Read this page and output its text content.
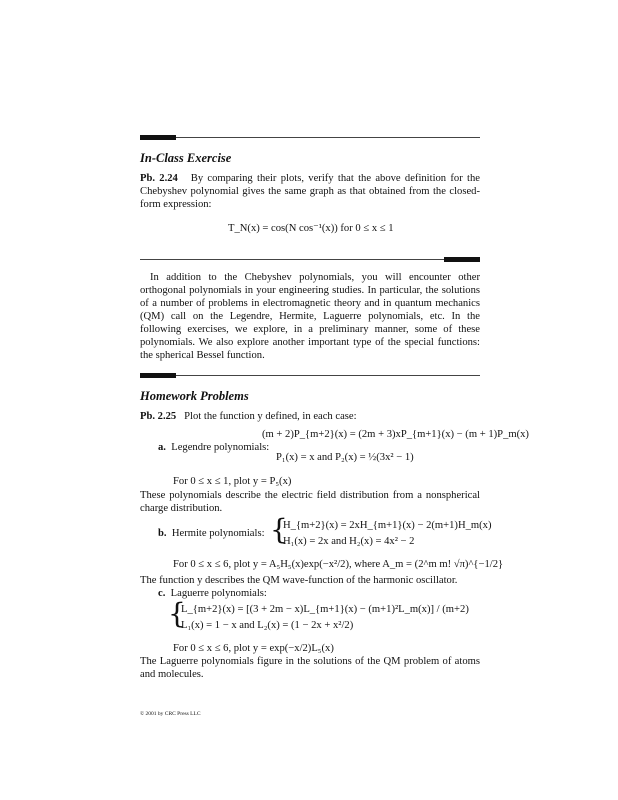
In-Class Exercise
Pb. 2.24 By comparing their plots, verify that the above definition for the Chebyshev polynomial gives the same graph as that obtained from the closed-form expression:
T_N(x) = cos(N cos⁻¹(x)) for 0 ≤ x ≤ 1
In addition to the Chebyshev polynomials, you will encounter other orthogonal polynomials in your engineering studies. In particular, the solutions of a number of problems in electromagnetic theory and in quantum mechanics (QM) call on the Legendre, Hermite, Laguerre polynomials, etc. In the following exercises, we explore, in a preliminary manner, some of these polynomials. We also explore another important type of the special functions: the spherical Bessel function.
Homework Problems
Pb. 2.25 Plot the function y defined, in each case:
(m + 2)P_{m+2}(x) = (2m + 3)xP_{m+1}(x) − (m + 1)P_m(x)
a. Legendre polynomials:
P₁(x) = x and P₂(x) = ½(3x² − 1)
For 0 ≤ x ≤ 1, plot y = P₅(x)
These polynomials describe the electric field distribution from a nonspherical charge distribution.
b. Hermite polynomials: {
H_{m+2}(x) = 2xH_{m+1}(x) − 2(m+1)H_m(x)
H₁(x) = 2x and H₂(x) = 4x² − 2
For 0 ≤ x ≤ 6, plot y = A₅H₅(x)exp(−x²/2), where A_m = (2^m m! √π)^{−1/2}
The function y describes the QM wave-function of the harmonic oscillator.
c. Laguerre polynomials:
{
L_{m+2}(x) = [(3 + 2m − x)L_{m+1}(x) − (m+1)²L_m(x)] / (m+2)
L₁(x) = 1 − x and L₂(x) = (1 − 2x + x²/2)
For 0 ≤ x ≤ 6, plot y = exp(−x/2)L₅(x)
The Laguerre polynomials figure in the solutions of the QM problem of atoms and molecules.
© 2001 by CRC Press LLC
